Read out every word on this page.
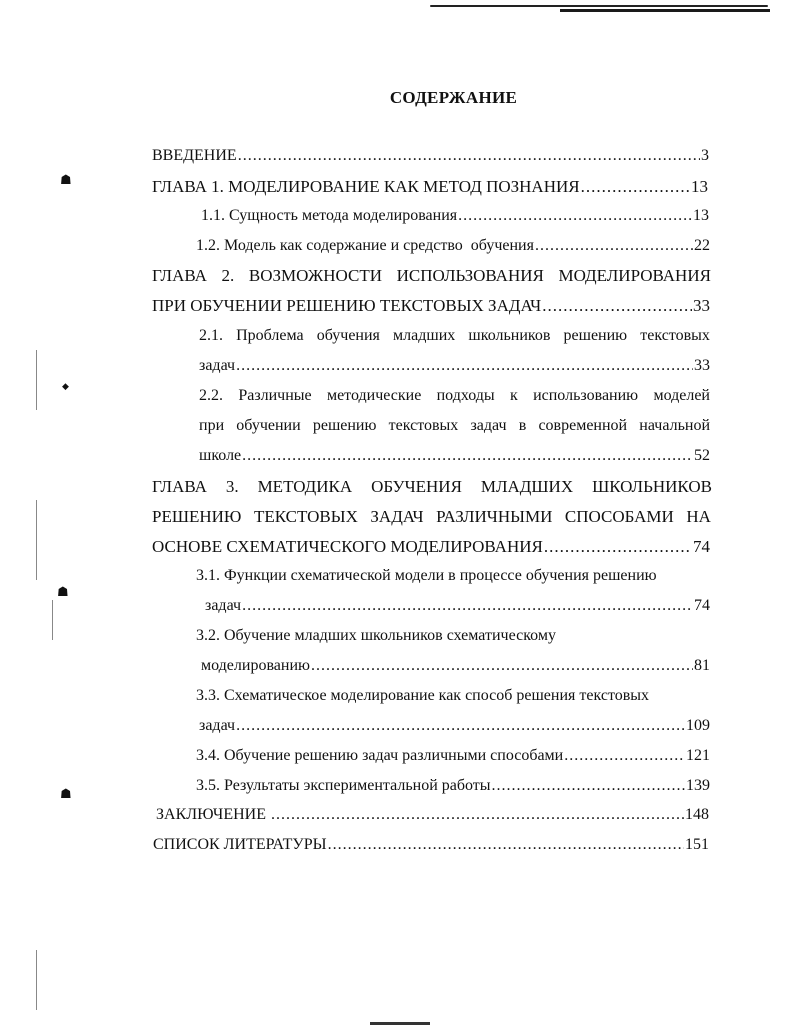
☗
◆
☗
☗
СОДЕРЖАНИЕ
ВВЕДЕНИЕ .....	3
ГЛАВА 1. МОДЕЛИРОВАНИЕ КАК МЕТОД ПОЗНАНИЯ .....	13
1.1. Сущность метода моделирования .....	13
1.2. Модель как содержание и средство  обучения .....	22
ГЛАВА 2. ВОЗМОЖНОСТИ ИСПОЛЬЗОВАНИЯ МОДЕЛИРОВАНИЯ
ПРИ ОБУЧЕНИИ РЕШЕНИЮ ТЕКСТОВЫХ ЗАДАЧ .....	33
2.1. Проблема обучения младших школьников решению текстовых
задач .....	33
2.2. Различные методические подходы к использованию моделей
при обучении решению текстовых задач в современной начальной
школе .....	52
ГЛАВА 3. МЕТОДИКА ОБУЧЕНИЯ МЛАДШИХ ШКОЛЬНИКОВ
РЕШЕНИЮ ТЕКСТОВЫХ ЗАДАЧ РАЗЛИЧНЫМИ СПОСОБАМИ НА
ОСНОВЕ СХЕМАТИЧЕСКОГО МОДЕЛИРОВАНИЯ .....	74
3.1. Функции схематической модели в процессе обучения решению
задач .....	74
3.2. Обучение младших школьников схематическому
моделированию .....	81
3.3. Схематическое моделирование как способ решения текстовых
задач .....	109
3.4. Обучение решению задач различными способами .....	121
3.5. Результаты экспериментальной работы .....	139
ЗАКЛЮЧЕНИЕ .....	148
СПИСОК ЛИТЕРАТУРЫ .....	151
